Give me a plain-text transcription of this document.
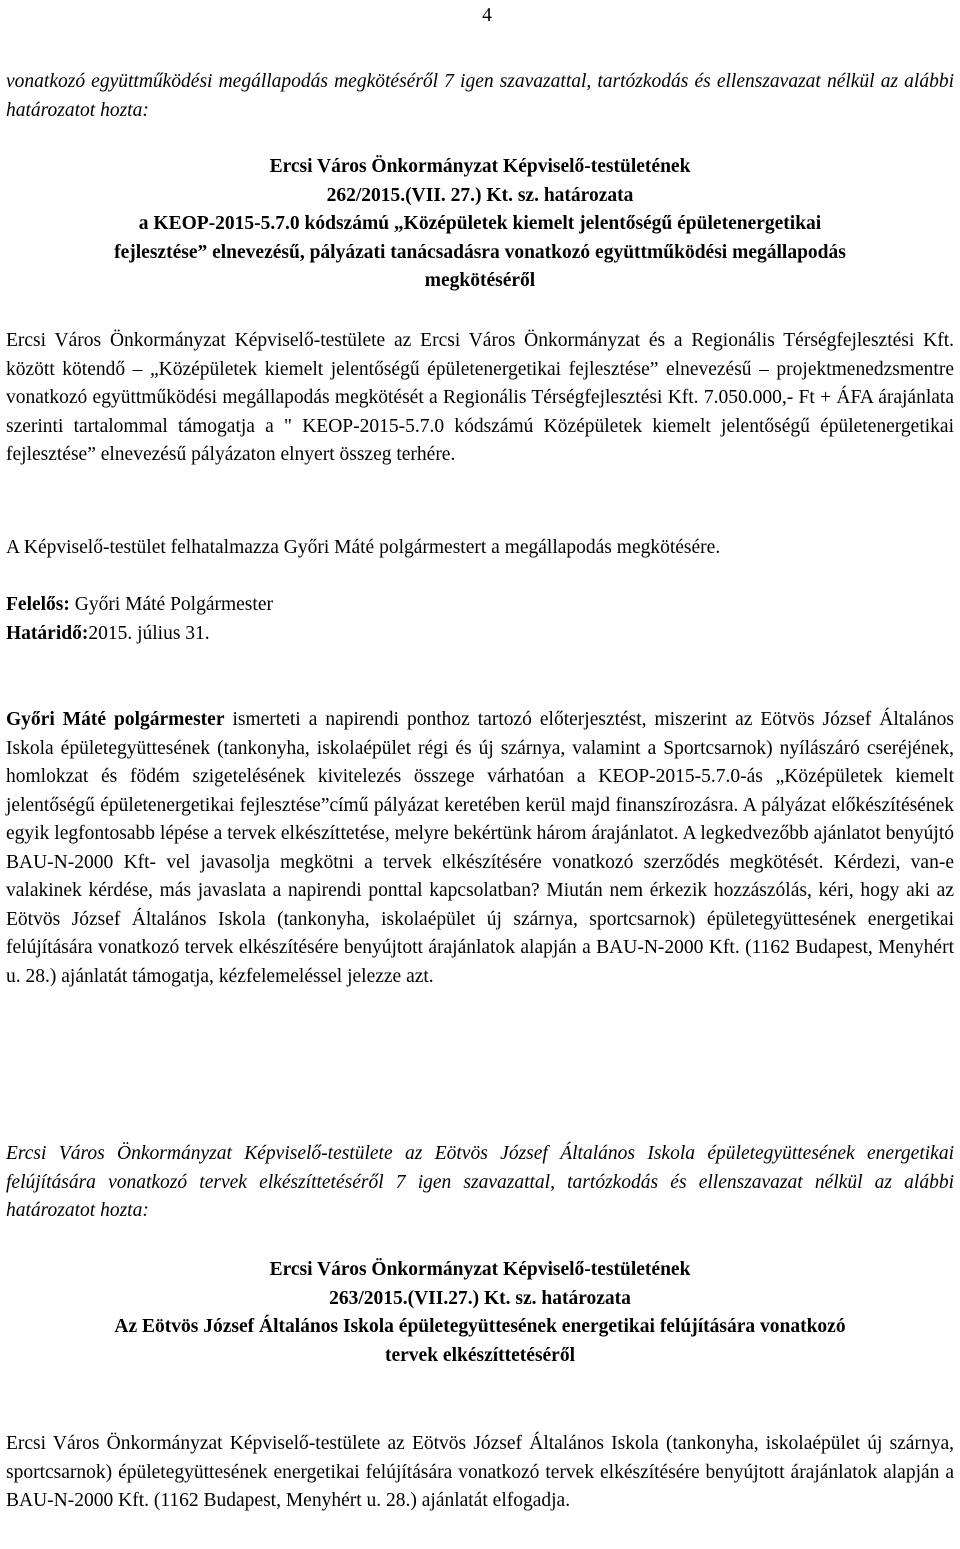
4

vonatkozó együttműködési megállapodás megkötéséről 7 igen szavazattal, tartózkodás és ellenszavazat nélkül az alábbi határozatot hozta:

Ercsi Város Önkormányzat Képviselő-testületének
262/2015.(VII. 27.) Kt. sz. határozata
a KEOP-2015-5.7.0 kódszámú „Középületek kiemelt jelentőségű épületenergetikai
fejlesztése” elnevezésű, pályázati tanácsadásra vonatkozó együttműködési megállapodás
megkötéséről

Ercsi Város Önkormányzat Képviselő-testülete az Ercsi Város Önkormányzat és a Regionális Térségfejlesztési Kft. között kötendő – „Középületek kiemelt jelentőségű épületenergetikai fejlesztése” elnevezésű – projektmenedzsmentre vonatkozó együttműködési megállapodás megkötését a Regionális Térségfejlesztési Kft. 7.050.000,- Ft + ÁFA árajánlata szerinti tartalommal támogatja a " KEOP-2015-5.7.0 kódszámú Középületek kiemelt jelentőségű épületenergetikai fejlesztése” elnevezésű pályázaton elnyert összeg terhére.

A Képviselő-testület felhatalmazza Győri Máté polgármestert a megállapodás megkötésére.

Felelős: Győri Máté Polgármester

Határidő:2015. július 31.

Győri Máté polgármester ismerteti a napirendi ponthoz tartozó előterjesztést, miszerint az Eötvös József Általános Iskola épületegyüttesének (tankonyha, iskolaépület régi és új szárnya, valamint a Sportcsarnok) nyílászáró cseréjének, homlokzat és födém szigetelésének kivitelezés összege várhatóan a KEOP-2015-5.7.0-ás „Középületek kiemelt jelentőségű épületenergetikai fejlesztése”című pályázat keretében kerül majd finanszírozásra. A pályázat előkészítésének egyik legfontosabb lépése a tervek elkészíttetése, melyre bekértünk három árajánlatot. A legkedvezőbb ajánlatot benyújtó BAU-N-2000 Kft- vel javasolja megkötni a tervek elkészítésére vonatkozó szerződés megkötését. Kérdezi, van-e valakinek kérdése, más javaslata a napirendi ponttal kapcsolatban? Miután nem érkezik hozzászólás, kéri, hogy aki az Eötvös József Általános Iskola (tankonyha, iskolaépület új szárnya, sportcsarnok) épületegyüttesének energetikai felújítására vonatkozó tervek elkészítésére benyújtott árajánlatok alapján a BAU-N-2000 Kft. (1162 Budapest, Menyhért u. 28.) ajánlatát támogatja, kézfelemeléssel jelezze azt.

Ercsi Város Önkormányzat Képviselő-testülete az Eötvös József Általános Iskola épületegyüttesének energetikai felújítására vonatkozó tervek elkészíttetéséről 7 igen szavazattal, tartózkodás és ellenszavazat nélkül az alábbi határozatot hozta:

Ercsi Város Önkormányzat Képviselő-testületének
263/2015.(VII.27.) Kt. sz. határozata
Az Eötvös József Általános Iskola épületegyüttesének energetikai felújítására vonatkozó
tervek elkészíttetéséről

Ercsi Város Önkormányzat Képviselő-testülete az Eötvös József Általános Iskola (tankonyha, iskolaépület új szárnya, sportcsarnok) épületegyüttesének energetikai felújítására vonatkozó tervek elkészítésére benyújtott árajánlatok alapján a BAU-N-2000 Kft. (1162 Budapest, Menyhért u. 28.) ajánlatát elfogadja.
